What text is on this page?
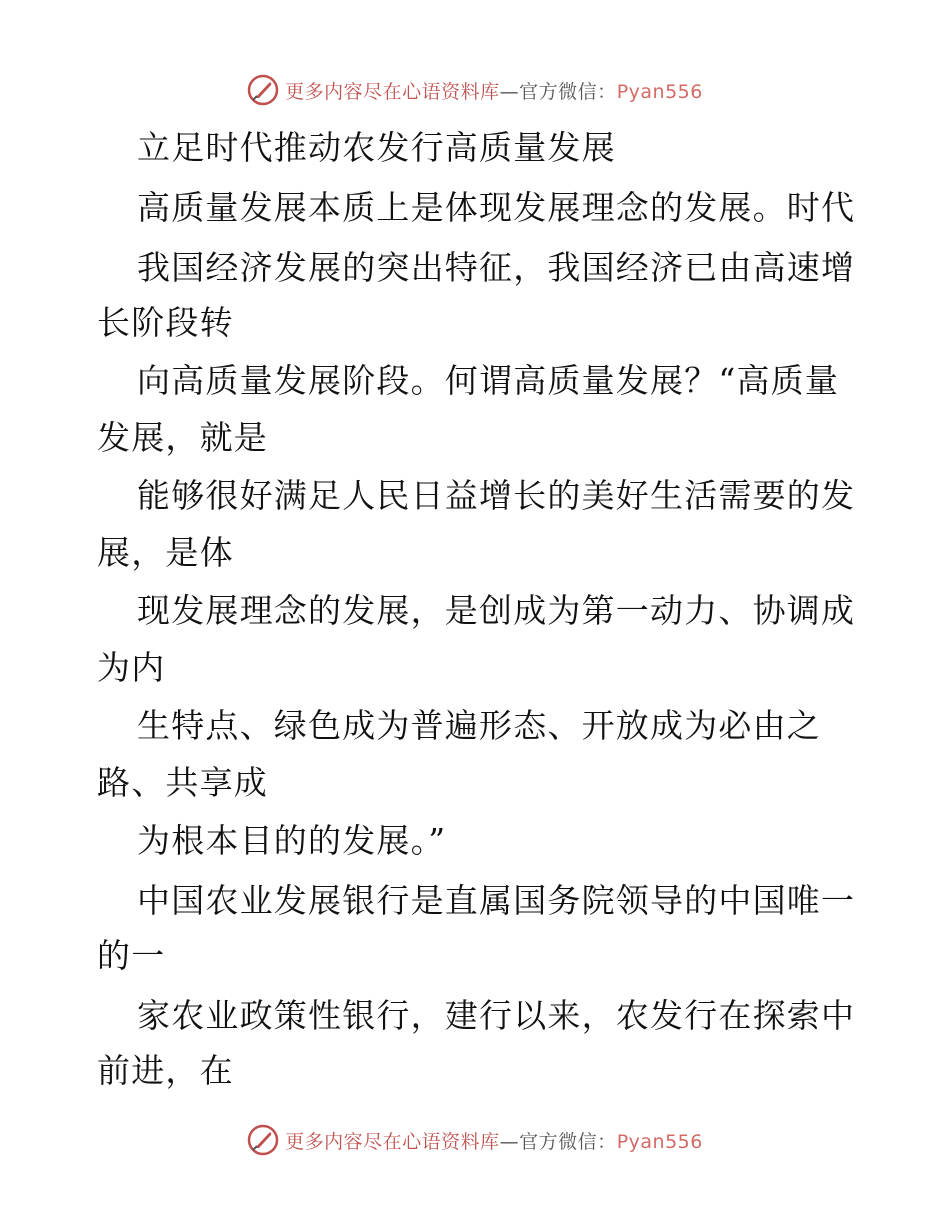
更多内容尽在心语资料库—官方微信：Pyan556
立足时代推动农发行高质量发展
高质量发展本质上是体现发展理念的发展。时代
我国经济发展的突出特征，我国经济已由高速增
长阶段转
向高质量发展阶段。何谓高质量发展？“高质量
发展，就是
能够很好满足人民日益增长的美好生活需要的发
展，是体
现发展理念的发展，是创成为第一动力、协调成
为内
生特点、绿色成为普遍形态、开放成为必由之
路、共享成
为根本目的的发展。”
中国农业发展银行是直属国务院领导的中国唯一
的一
家农业政策性银行，建行以来，农发行在探索中
前进，在
更多内容尽在心语资料库—官方微信：Pyan556
